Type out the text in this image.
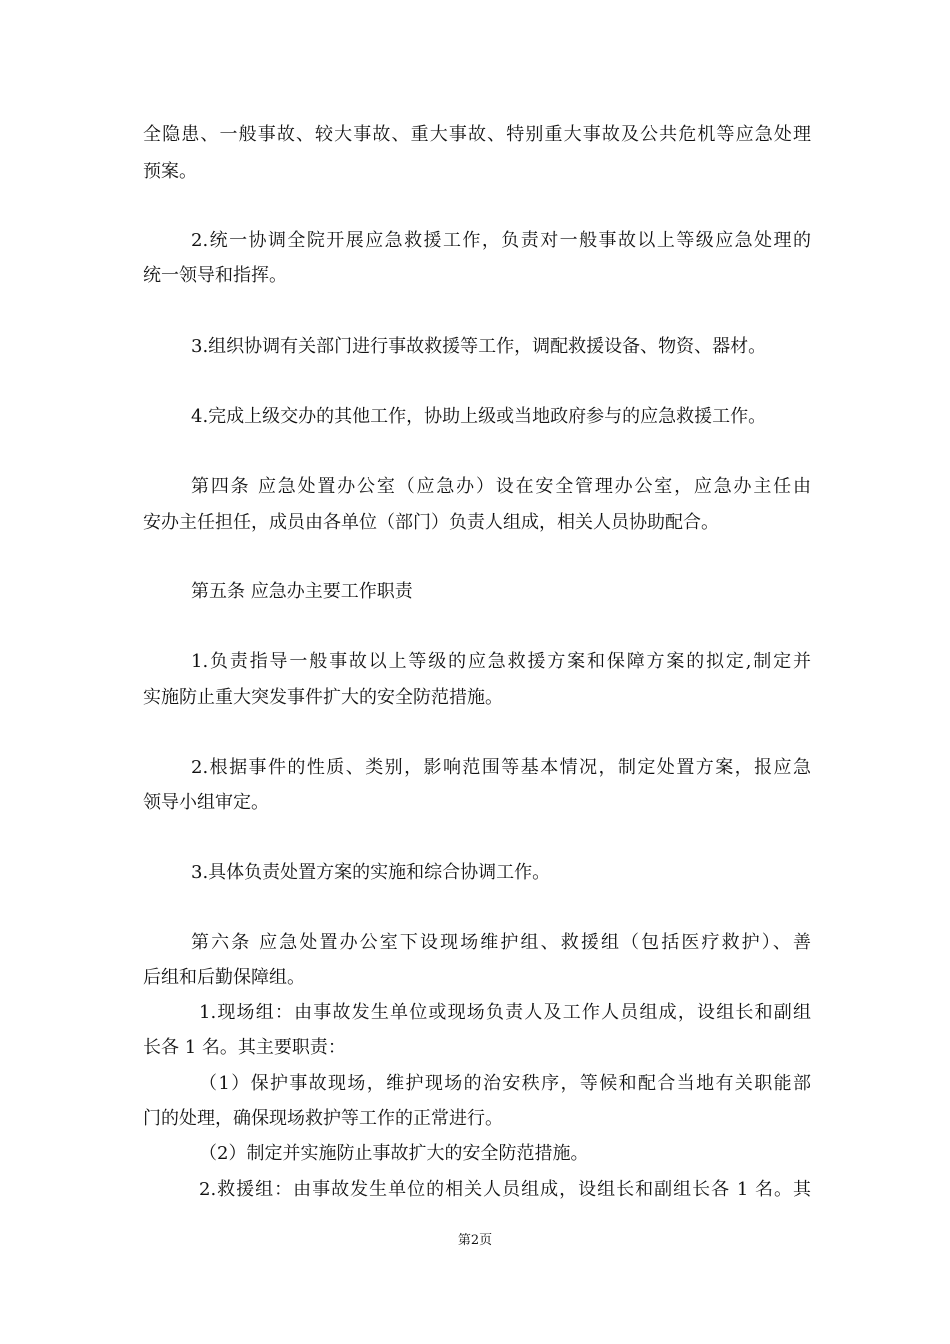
全隐患、一般事故、较大事故、重大事故、特别重大事故及公共危机等应急处理
预案。
2.统一协调全院开展应急救援工作，负责对一般事故以上等级应急处理的
统一领导和指挥。
3.组织协调有关部门进行事故救援等工作，调配救援设备、物资、器材。
4.完成上级交办的其他工作，协助上级或当地政府参与的应急救援工作。
第四条 应急处置办公室（应急办）设在安全管理办公室，应急办主任由
安办主任担任，成员由各单位（部门）负责人组成，相关人员协助配合。
第五条 应急办主要工作职责
1.负责指导一般事故以上等级的应急救援方案和保障方案的拟定,制定并
实施防止重大突发事件扩大的安全防范措施。
2.根据事件的性质、类别，影响范围等基本情况，制定处置方案，报应急
领导小组审定。
3.具体负责处置方案的实施和综合协调工作。
第六条 应急处置办公室下设现场维护组、救援组（包括医疗救护）、善
后组和后勤保障组。
1.现场组：由事故发生单位或现场负责人及工作人员组成，设组长和副组
长各 1 名。其主要职责：
（1）保护事故现场，维护现场的治安秩序，等候和配合当地有关职能部
门的处理，确保现场救护等工作的正常进行。
（2）制定并实施防止事故扩大的安全防范措施。
2.救援组：由事故发生单位的相关人员组成，设组长和副组长各 1 名。其
第2页
